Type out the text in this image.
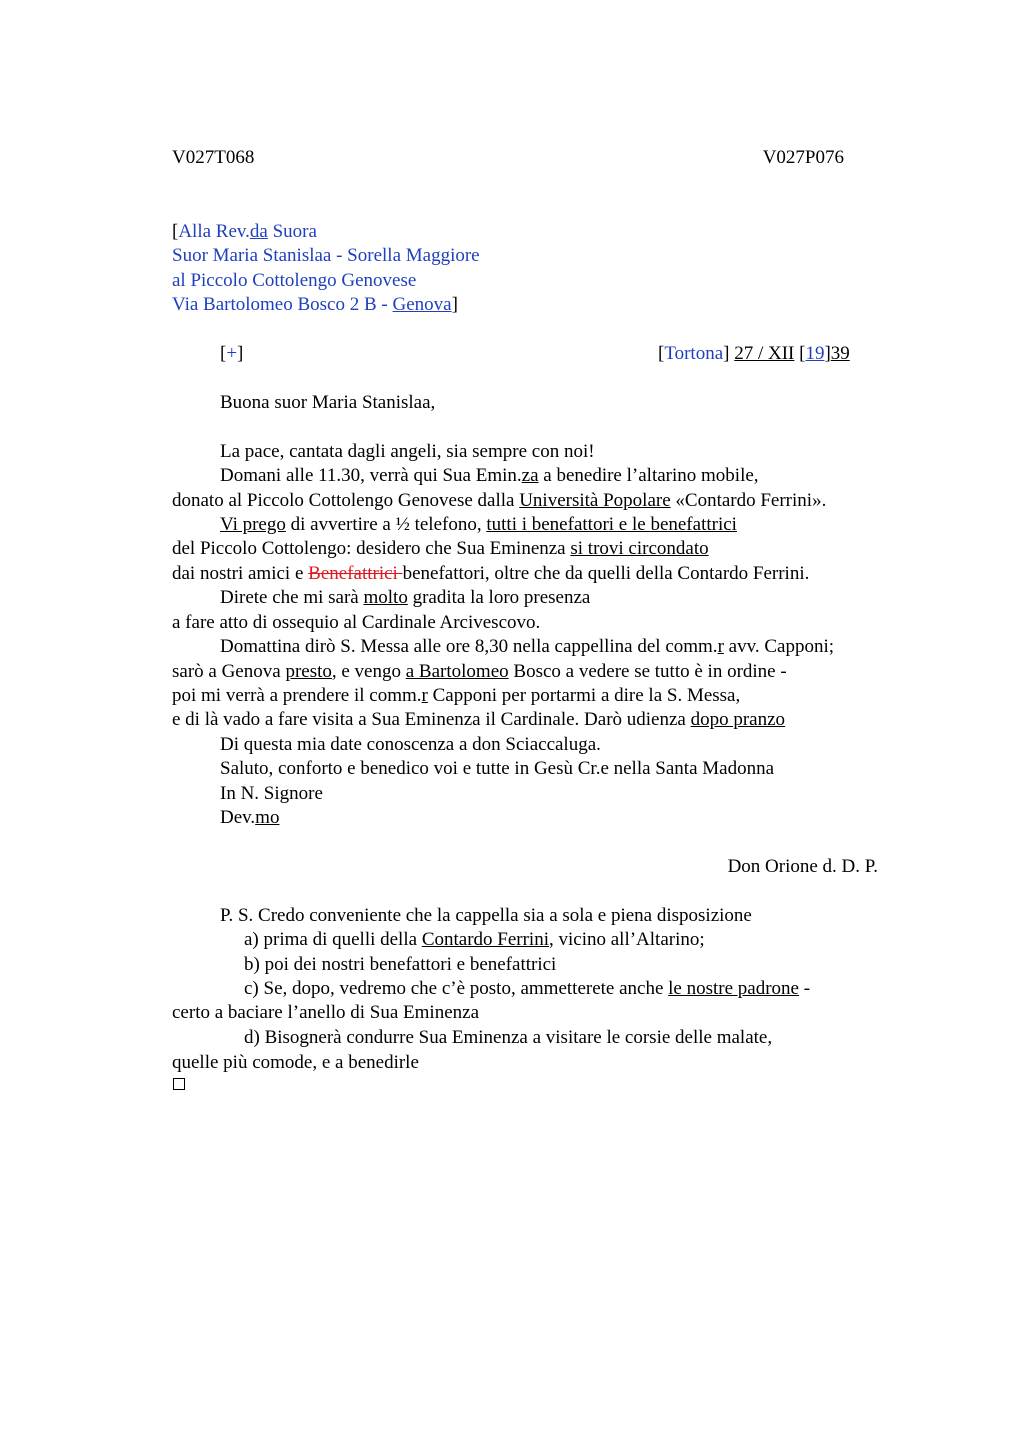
V027T068	V027P076
[Alla Rev.da Suora
Suor Maria Stanislaa - Sorella Maggiore
al Piccolo Cottolengo Genovese
Via Bartolomeo Bosco 2 B - Genova]
[+]	[Tortona] 27 / XII [19]39
Buona suor Maria Stanislaa,
La pace, cantata dagli angeli, sia sempre con noi!
Domani alle 11.30, verrà qui Sua Emin.za a benedire l’altarino mobile,
donato al Piccolo Cottolengo Genovese dalla Università Popolare «Contardo Ferrini».
Vi prego di avvertire a ½ telefono, tutti i benefattori e le benefattrici
del Piccolo Cottolengo: desidero che Sua Eminenza si trovi circondato
dai nostri amici e Benefattrici benefattori, oltre che da quelli della Contardo Ferrini.
Direte che mi sarà molto gradita la loro presenza
a fare atto di ossequio al Cardinale Arcivescovo.
Domattina dirò S. Messa alle ore 8,30 nella cappellina del comm.r avv. Capponi;
sarò a Genova presto, e vengo a Bartolomeo Bosco a vedere se tutto è in ordine -
poi mi verrà a prendere il comm.r Capponi per portarmi a dire la S. Messa,
e di là vado a fare visita a Sua Eminenza il Cardinale. Darò udienza dopo pranzo
Di questa mia date conoscenza a don Sciaccaluga.
Saluto, conforto e benedico voi e tutte in Gesù Cr.e nella Santa Madonna
In N. Signore
Dev.mo
Don Orione d. D. P.
P. S. Credo conveniente che la cappella sia a sola e piena disposizione
a) prima di quelli della Contardo Ferrini, vicino all’Altarino;
b) poi dei nostri benefattori e benefattrici
c) Se, dopo, vedremo che c’è posto, ammetterete anche le nostre padrone -
certo a baciare l’anello di Sua Eminenza
d) Bisognerà condurre Sua Eminenza a visitare le corsie delle malate,
quelle più comode, e a benedirle
